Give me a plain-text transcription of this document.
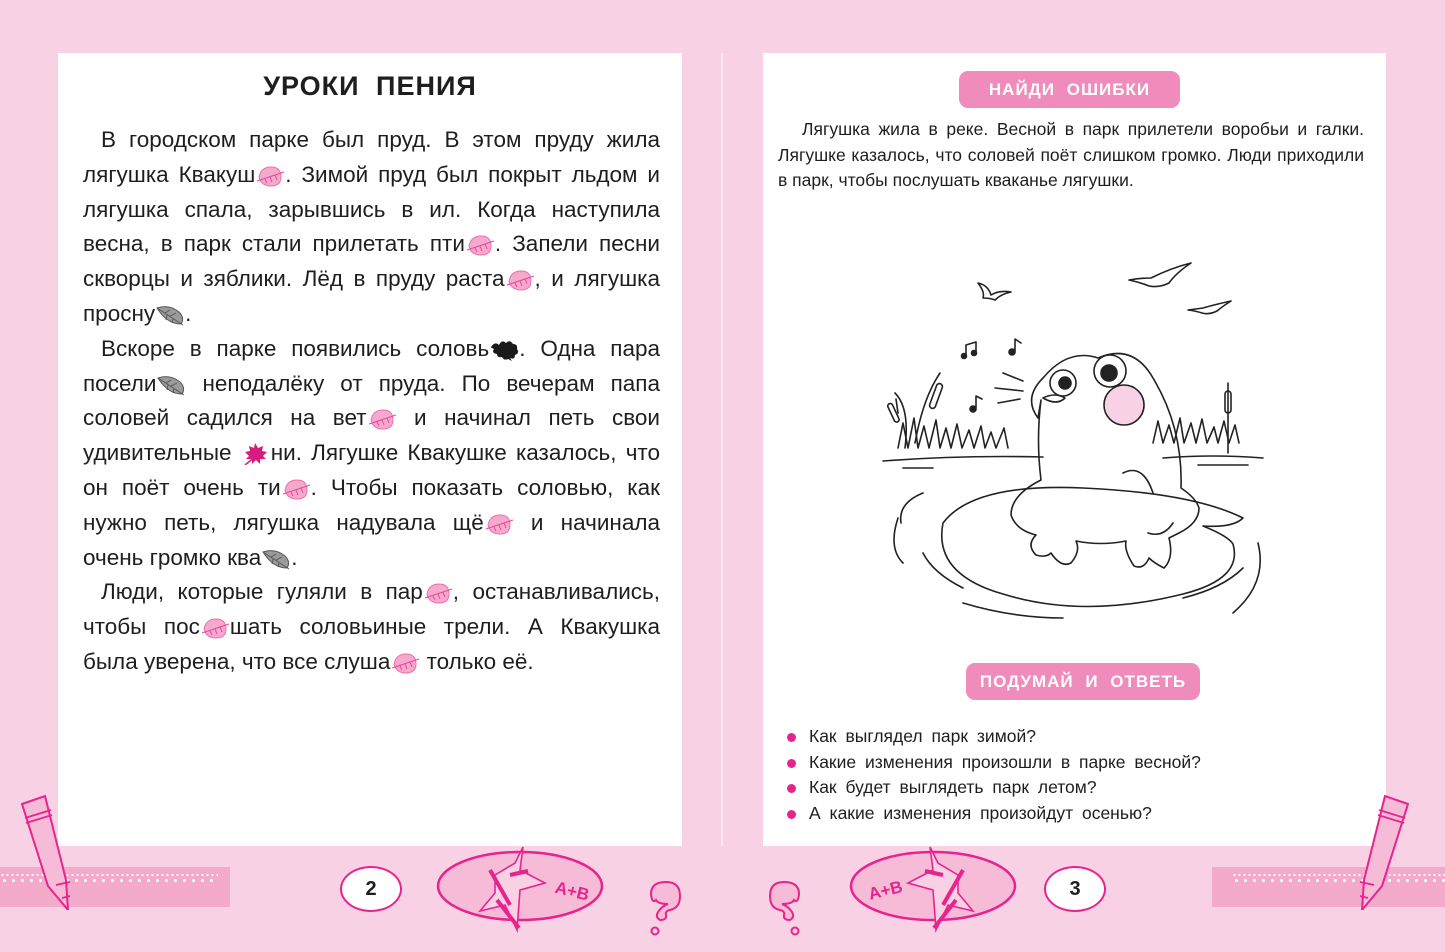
УРОКИ ПЕНИЯ

В городском парке был пруд. В этом пруду жила лягушка Квакуш . Зимой пруд был покрыт льдом и лягушка спала, зарывшись в ил. Когда наступила весна, в парк стали прилетать пти . Запели песни скворцы и зяблики. Лёд в пруду раста , и лягушка просну .

Вскоре в парке появились соловь . Одна пара посели
неподалёку от пруда. По вечерам папа соловей садился на вет
и начинал петь свои удивительные
ни. Лягушке Квакушке казалось, что он поёт очень ти . Чтобы показать соловью, как нужно петь, лягушка надувала щё
и начинала очень громко ква .

Люди, которые гуляли в пар , останавливались, чтобы пос шать соловьиные трели. А Квакушка была уверена, что все слуша
только её.

НАЙДИ ОШИБКИ

Лягушка жила в реке. Весной в парк прилетели воробьи и галки. Лягушке казалось, что соловей поёт слишком громко. Люди приходили в парк, чтобы послушать кваканье лягушки.

ПОДУМАЙ И ОТВЕТЬ
Как выглядел парк зимой?
Какие изменения произошли в парке весной?
Как будет выглядеть парк летом?
А какие изменения произойдут осенью?
2	A+B	A+B	3
